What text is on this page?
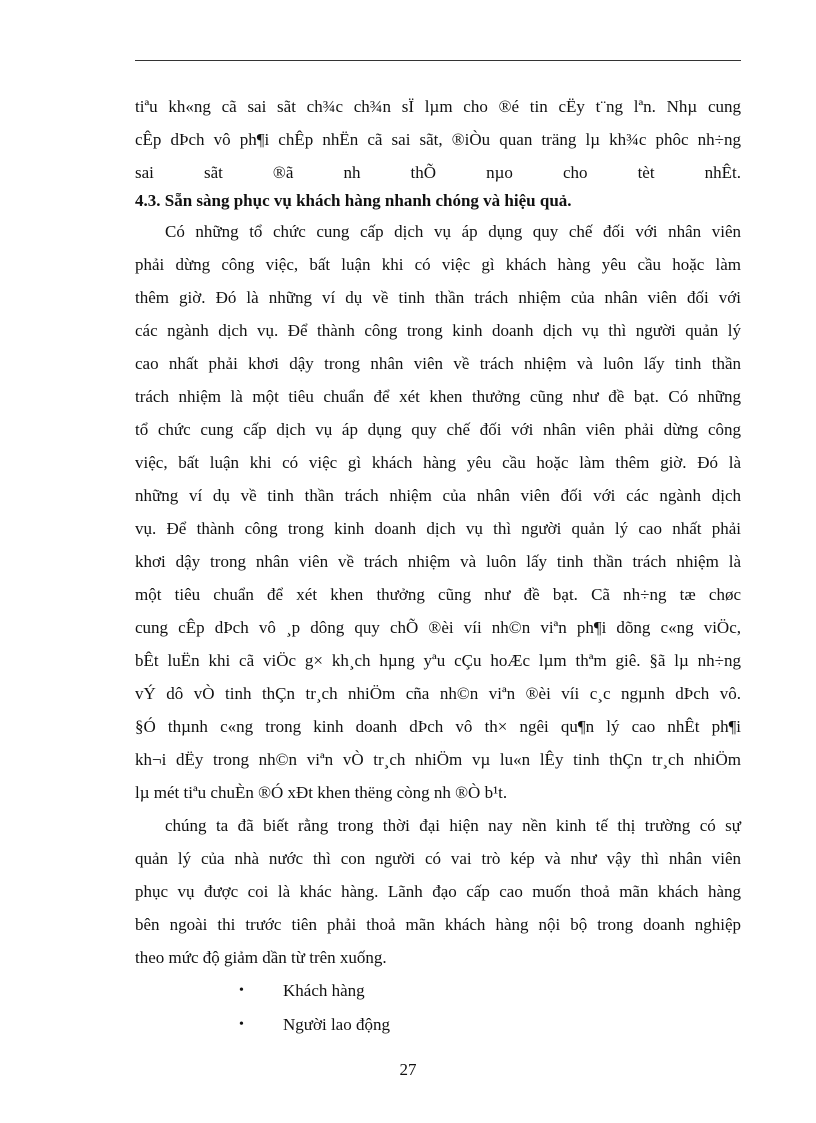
tiªu kh«ng cã sai sãt ch¾c ch¾n sÏ lµm cho ®é tin cËy t¨ng lªn. Nhµ cung
cÊp dÞch vô ph¶i chÊp nhËn cã sai sãt, ®iÒu quan träng lµ kh¾c phôc nh÷ng
sai sãt ®ã nh thÕ nµo cho tèt nhÊt.
4.3. Sẵn sàng phục vụ khách hàng nhanh chóng và hiệu quả.
Có những tổ chức cung cấp dịch vụ áp dụng quy chế đối với nhân viên
phải dừng công việc, bất luận khi có việc gì khách hàng yêu cầu hoặc làm
thêm giờ. Đó là những ví dụ về tinh thần trách nhiệm của nhân viên đối với
các ngành dịch vụ. Để thành công trong kinh doanh dịch vụ thì người quản lý
cao nhất phải khơi dậy trong nhân viên về trách nhiệm và luôn lấy tinh thần
trách nhiệm là một tiêu chuẩn để xét khen thưởng cũng như đề bạt. Có những
tổ chức cung cấp dịch vụ áp dụng quy chế đối với nhân viên phải dừng công
việc, bất luận khi có việc gì khách hàng yêu cầu hoặc làm thêm giờ. Đó là
những ví dụ về tinh thần trách nhiệm của nhân viên đối với các ngành dịch
vụ. Để thành công trong kinh doanh dịch vụ thì người quản lý cao nhất phải
khơi dậy trong nhân viên về trách nhiệm và luôn lấy tinh thần trách nhiệm là
một tiêu chuẩn để xét khen thưởng cũng như đề bạt. Cã nh÷ng tæ chøc
cung cÊp dÞch vô ¸p dông quy chÕ ®èi víi nh©n viªn ph¶i dõng c«ng viÖc,
bÊt luËn khi cã viÖc g× kh¸ch hµng yªu cÇu hoÆc lµm thªm giê. §ã lµ nh÷ng
vÝ dô vÒ tinh thÇn tr¸ch nhiÖm cña nh©n viªn ®èi víi c¸c ngµnh dÞch vô.
§Ó thµnh c«ng trong kinh doanh dÞch vô th× ngêi qu¶n lý cao nhÊt ph¶i
kh¬i dËy trong nh©n viªn vÒ tr¸ch nhiÖm vµ lu«n lÊy tinh thÇn tr¸ch nhiÖm
lµ mét tiªu chuÈn ®Ó xÐt khen thëng còng nh ®Ò b¹t.
chúng ta đã biết rằng trong thời đại hiện nay nền kinh tế thị trường có sự
quản lý của nhà nước thì con người có vai trò kép và như vậy thì nhân viên
phục vụ được coi là khác hàng. Lãnh đạo cấp cao muốn thoả mãn khách hàng
bên ngoài thi trước tiên phải thoả mãn khách hàng nội bộ trong doanh nghiệp
theo mức độ giảm dần từ trên xuống.
• Khách hàng
• Người lao động
27
